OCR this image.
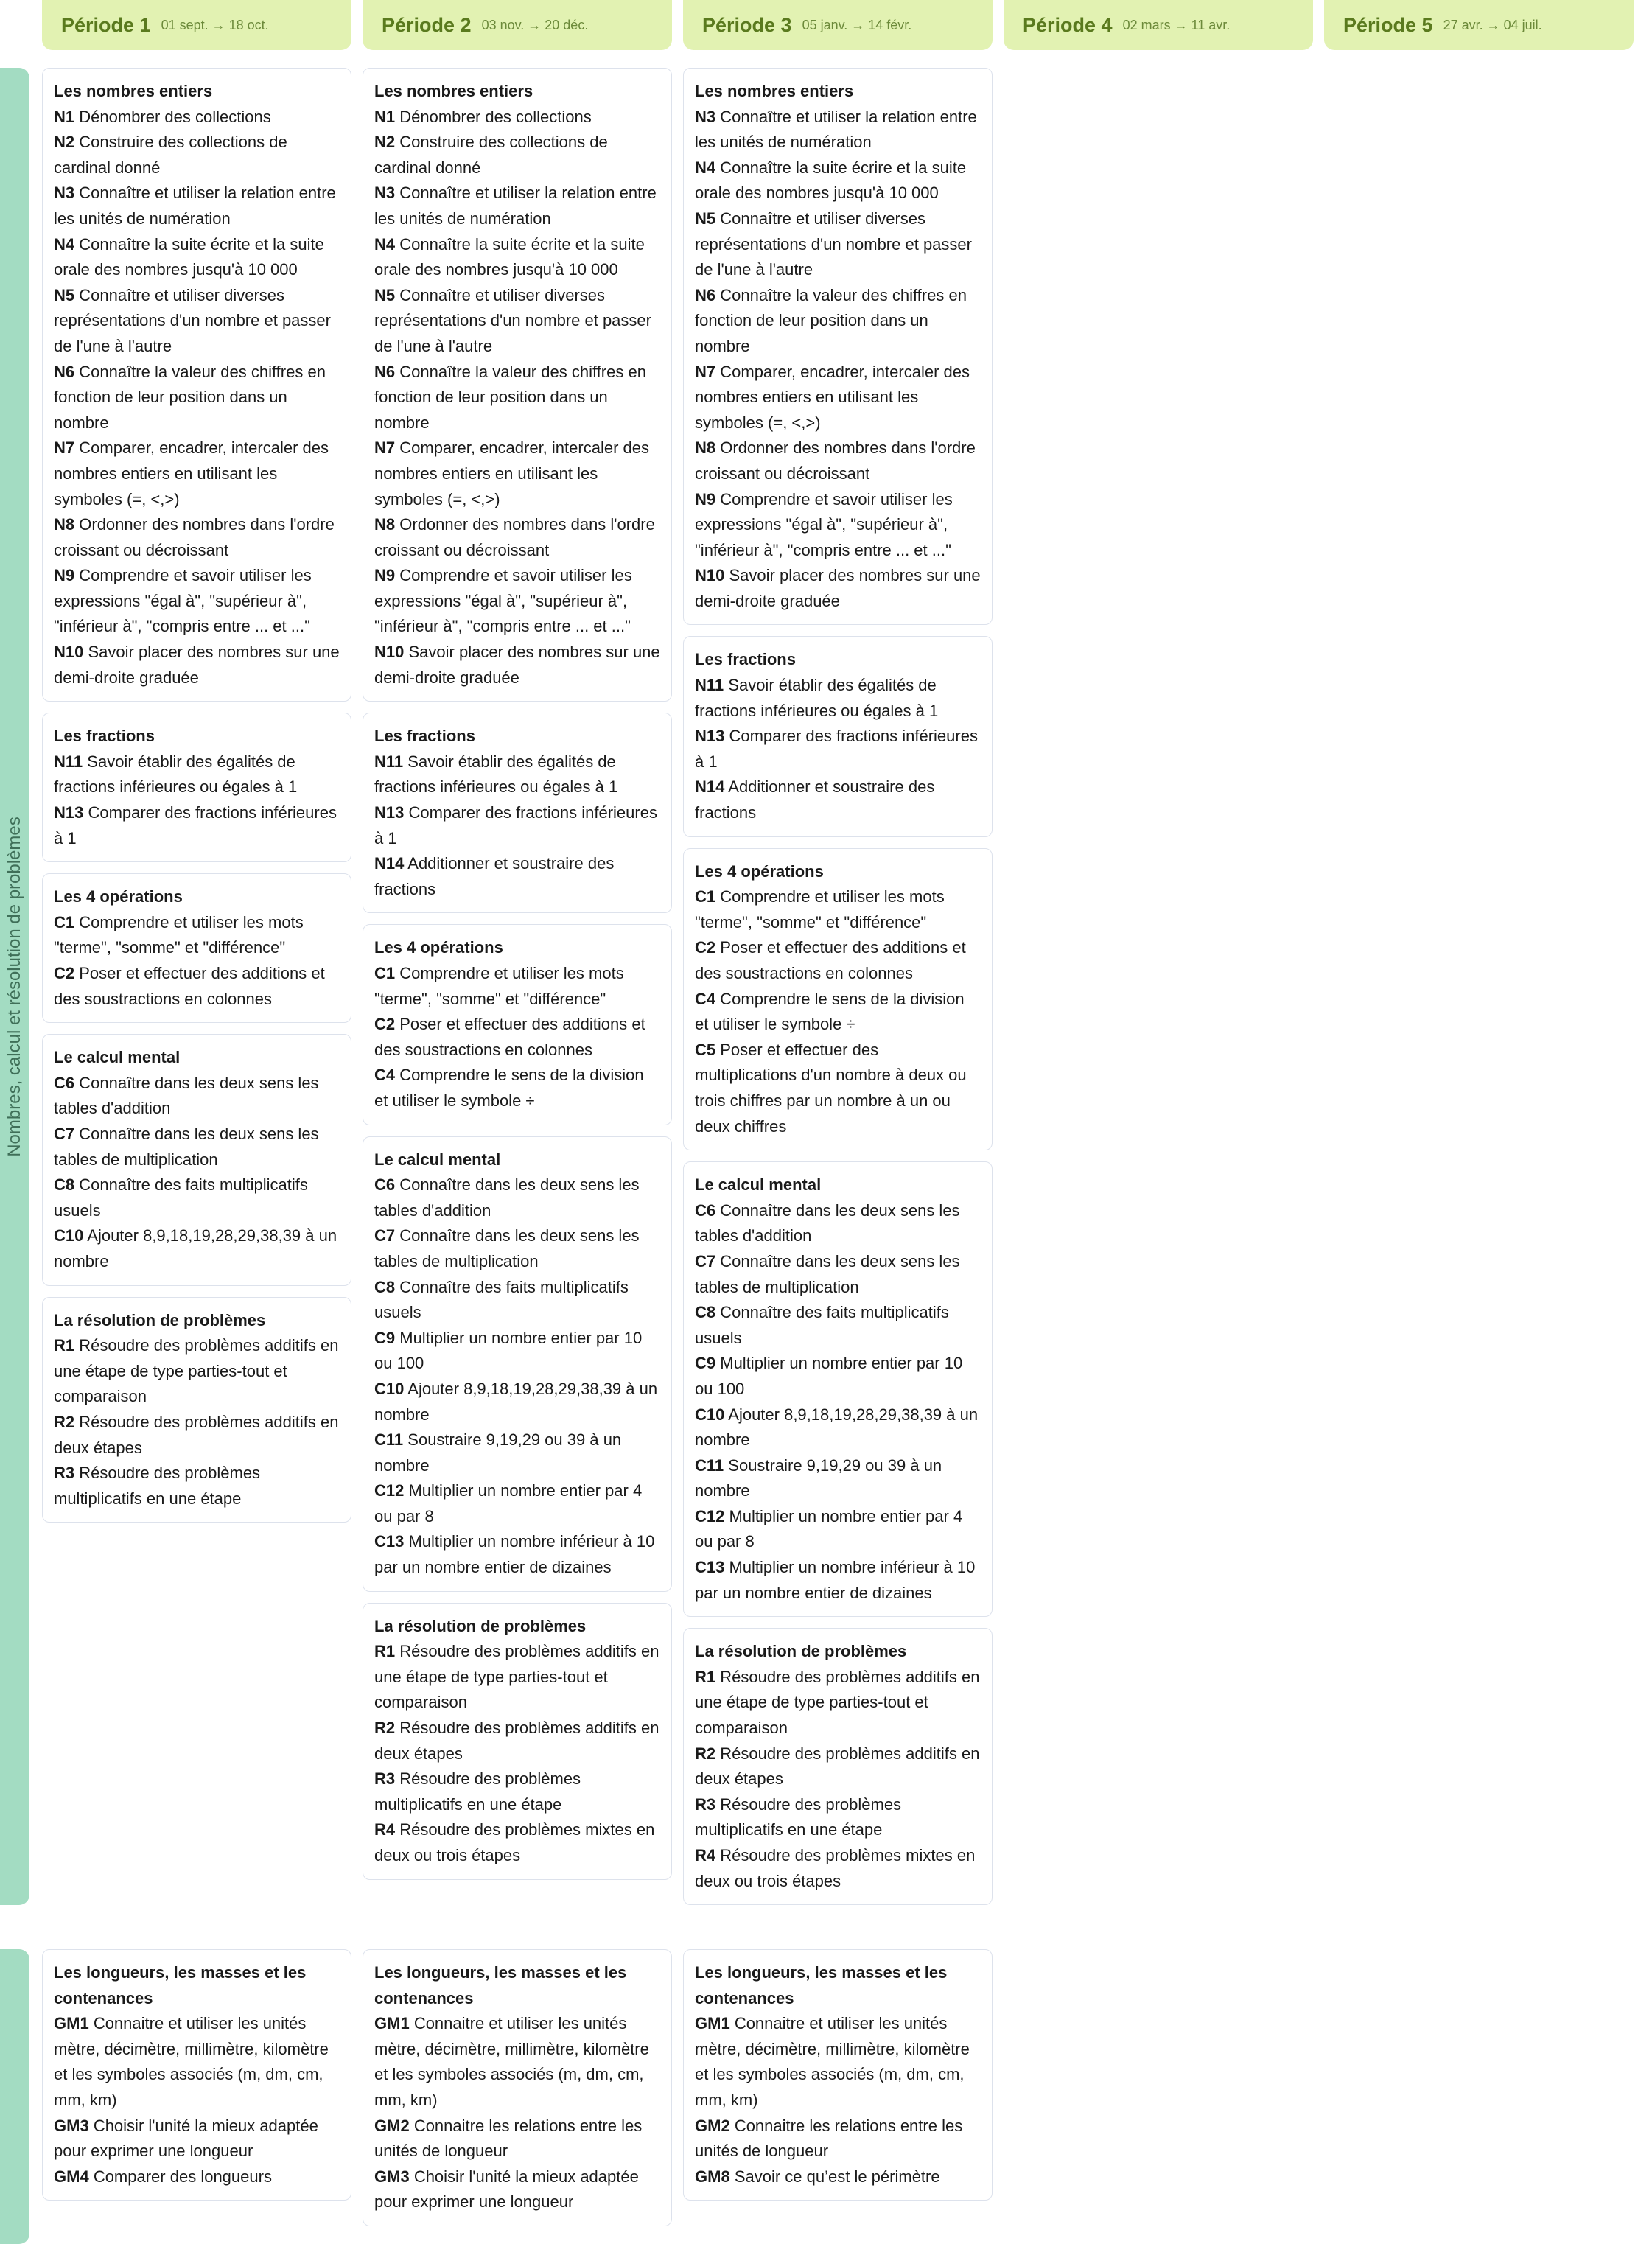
Période 1 01 sept. → 18 oct.	Période 2 03 nov. → 20 déc.	Période 3 05 janv. → 14 févr.	Période 4 02 mars → 11 avr.	Période 5 27 avr. → 04 juil.
Nombres, calcul et résolution de problèmes
Les nombres entiers
N1 Dénombrer des collections
N2 Construire des collections de cardinal donné
N3 Connaître et utiliser la relation entre les unités de numération
N4 Connaître la suite écrite et la suite orale des nombres jusqu'à 10 000
N5 Connaître et utiliser diverses représentations d'un nombre et passer de l'une à l'autre
N6 Connaître la valeur des chiffres en fonction de leur position dans un nombre
N7 Comparer, encadrer, intercaler des nombres entiers en utilisant les symboles (=, <,>)
N8 Ordonner des nombres dans l'ordre croissant ou décroissant
N9 Comprendre et savoir utiliser les expressions "égal à", "supérieur à", "inférieur à", "compris entre ... et ..."
N10 Savoir placer des nombres sur une demi-droite graduée
Les fractions
N11 Savoir établir des égalités de fractions inférieures ou égales à 1
N13 Comparer des fractions inférieures à 1
Les 4 opérations
C1 Comprendre et utiliser les mots "terme", "somme" et "différence"
C2 Poser et effectuer des additions et des soustractions en colonnes
Le calcul mental
C6 Connaître dans les deux sens les tables d'addition
C7 Connaître dans les deux sens les tables de multiplication
C8 Connaître des faits multiplicatifs usuels
C10 Ajouter 8,9,18,19,28,29,38,39 à un nombre
La résolution de problèmes
R1 Résoudre des problèmes additifs en une étape de type parties-tout et comparaison
R2 Résoudre des problèmes additifs en deux étapes
R3 Résoudre des problèmes multiplicatifs en une étape
Les nombres entiers
N1 Dénombrer des collections
N2 Construire des collections de cardinal donné
N3 Connaître et utiliser la relation entre les unités de numération
N4 Connaître la suite écrite et la suite orale des nombres jusqu'à 10 000
N5 Connaître et utiliser diverses représentations d'un nombre et passer de l'une à l'autre
N6 Connaître la valeur des chiffres en fonction de leur position dans un nombre
N7 Comparer, encadrer, intercaler des nombres entiers en utilisant les symboles (=, <,>)
N8 Ordonner des nombres dans l'ordre croissant ou décroissant
N9 Comprendre et savoir utiliser les expressions "égal à", "supérieur à", "inférieur à", "compris entre ... et ..."
N10 Savoir placer des nombres sur une demi-droite graduée
Les fractions
N11 Savoir établir des égalités de fractions inférieures ou égales à 1
N13 Comparer des fractions inférieures à 1
N14 Additionner et soustraire des fractions
Les 4 opérations
C1 Comprendre et utiliser les mots "terme", "somme" et "différence"
C2 Poser et effectuer des additions et des soustractions en colonnes
C4 Comprendre le sens de la division et utiliser le symbole ÷
Le calcul mental
C6 Connaître dans les deux sens les tables d'addition
C7 Connaître dans les deux sens les tables de multiplication
C8 Connaître des faits multiplicatifs usuels
C9 Multiplier un nombre entier par 10 ou 100
C10 Ajouter 8,9,18,19,28,29,38,39 à un nombre
C11 Soustraire 9,19,29 ou 39 à un nombre
C12 Multiplier un nombre entier par 4 ou par 8
C13 Multiplier un nombre inférieur à 10 par un nombre entier de dizaines
La résolution de problèmes
R1 Résoudre des problèmes additifs en une étape de type parties-tout et comparaison
R2 Résoudre des problèmes additifs en deux étapes
R3 Résoudre des problèmes multiplicatifs en une étape
R4 Résoudre des problèmes mixtes en deux ou trois étapes
Les nombres entiers
N3 Connaître et utiliser la relation entre les unités de numération
N4 Connaître la suite écrire et la suite orale des nombres jusqu'à 10 000
N5 Connaître et utiliser diverses représentations d'un nombre et passer de l'une à l'autre
N6 Connaître la valeur des chiffres en fonction de leur position dans un nombre
N7 Comparer, encadrer, intercaler des nombres entiers en utilisant les symboles (=, <,>)
N8 Ordonner des nombres dans l'ordre croissant ou décroissant
N9 Comprendre et savoir utiliser les expressions "égal à", "supérieur à", "inférieur à", "compris entre ... et ..."
N10 Savoir placer des nombres sur une demi-droite graduée
Les fractions
N11 Savoir établir des égalités de fractions inférieures ou égales à 1
N13 Comparer des fractions inférieures à 1
N14 Additionner et soustraire des fractions
Les 4 opérations
C1 Comprendre et utiliser les mots "terme", "somme" et "différence"
C2 Poser et effectuer des additions et des soustractions en colonnes
C4 Comprendre le sens de la division et utiliser le symbole ÷
C5 Poser et effectuer des multiplications d'un nombre à deux ou trois chiffres par un nombre à un ou deux chiffres
Le calcul mental
C6 Connaître dans les deux sens les tables d'addition
C7 Connaître dans les deux sens les tables de multiplication
C8 Connaître des faits multiplicatifs usuels
C9 Multiplier un nombre entier par 10 ou 100
C10 Ajouter 8,9,18,19,28,29,38,39 à un nombre
C11 Soustraire 9,19,29 ou 39 à un nombre
C12 Multiplier un nombre entier par 4 ou par 8
C13 Multiplier un nombre inférieur à 10 par un nombre entier de dizaines
La résolution de problèmes
R1 Résoudre des problèmes additifs en une étape de type parties-tout et comparaison
R2 Résoudre des problèmes additifs en deux étapes
R3 Résoudre des problèmes multiplicatifs en une étape
R4 Résoudre des problèmes mixtes en deux ou trois étapes
Les longueurs, les masses et les contenances
GM1 Connaitre et utiliser les unités mètre, décimètre, millimètre, kilomètre et les symboles associés (m, dm, cm, mm, km)
GM3 Choisir l'unité la mieux adaptée pour exprimer une longueur
GM4 Comparer des longueurs
Les longueurs, les masses et les contenances
GM1 Connaitre et utiliser les unités mètre, décimètre, millimètre, kilomètre et les symboles associés (m, dm, cm, mm, km)
GM2 Connaitre les relations entre les unités de longueur
GM3 Choisir l'unité la mieux adaptée pour exprimer une longueur
Les longueurs, les masses et les contenances
GM1 Connaitre et utiliser les unités mètre, décimètre, millimètre, kilomètre et les symboles associés (m, dm, cm, mm, km)
GM2 Connaitre les relations entre les unités de longueur
GM8 Savoir ce qu’est le périmètre
